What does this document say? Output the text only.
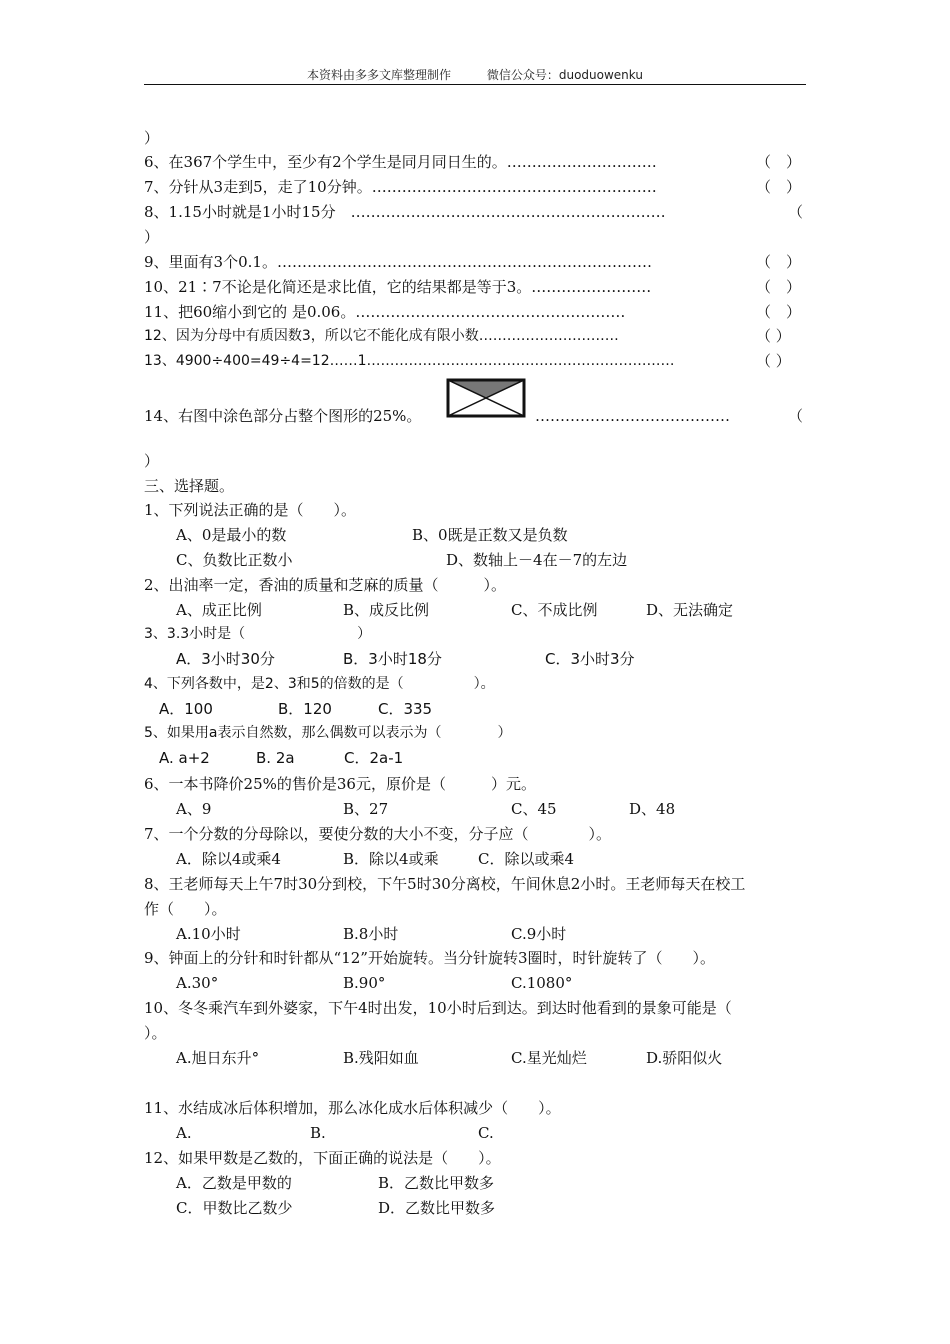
本资料由多多文库整理制作	微信公众号：duoduowenku
）
6、在367个学生中，至少有2个学生是同月同日生的。…………………………	（　）
7、分针从3走到5，走了10分钟。…………………………………………………	（　）
8、1.15小时就是1小时15分　………………………………………………………	（
）
9、里面有3个0.1。…………………………………………………………………	（　）
10、21∶7不论是化简还是求比值，它的结果都是等于3。……………………	（　）
11、把60缩小到它的 是0.06。………………………………………………	（　）
12、因为分母中有质因数3，所以它不能化成有限小数…………………………	（ ）
13、4900÷400=49÷4=12……1…………………………………………………………	（ ）
14、右图中涂色部分占整个图形的25%。	…………………………………	（
）
三、选择题。
1、下列说法正确的是（　　）。
A、0是最小的数	B、0既是正数又是负数
C、负数比正数小	D、数轴上－4在－7的左边
2、出油率一定，香油的质量和芝麻的质量（　　　）。
A、成正比例	B、成反比例	C、不成比例	D、无法确定
3、3.3小时是（　　　　　　　　）
A．3小时30分	B．3小时18分	C．3小时3分
4、下列各数中，是2、3和5的倍数的是（　　　　　）。
A．100	B．120	C．335
5、如果用a表示自然数，那么偶数可以表示为（　　　　）
A. a+2	B. 2a	C．2a-1
6、一本书降价25%的售价是36元，原价是（　　　）元。
A、9	B、27	C、45	D、48
7、一个分数的分母除以，要使分数的大小不变，分子应（　　　　）。
A．除以4或乘4	B．除以4或乘	C．除以或乘4
8、王老师每天上午7时30分到校，下午5时30分离校，午间休息2小时。王老师每天在校工
作（　　）。
A.10小时	B.8小时	C.9小时
9、钟面上的分针和时针都从“12”开始旋转。当分针旋转3圈时，时针旋转了（　　）。
A.30°	B.90°	C.1080°
10、冬冬乘汽车到外婆家，下午4时出发，10小时后到达。到达时他看到的景象可能是（
）。
A.旭日东升°	B.残阳如血	C.星光灿烂	D.骄阳似火
11、水结成冰后体积增加，那么冰化成水后体积减少（　　）。
A.	B.	C.
12、如果甲数是乙数的，下面正确的说法是（　　）。
A．乙数是甲数的	B．乙数比甲数多
C．甲数比乙数少	D．乙数比甲数多
